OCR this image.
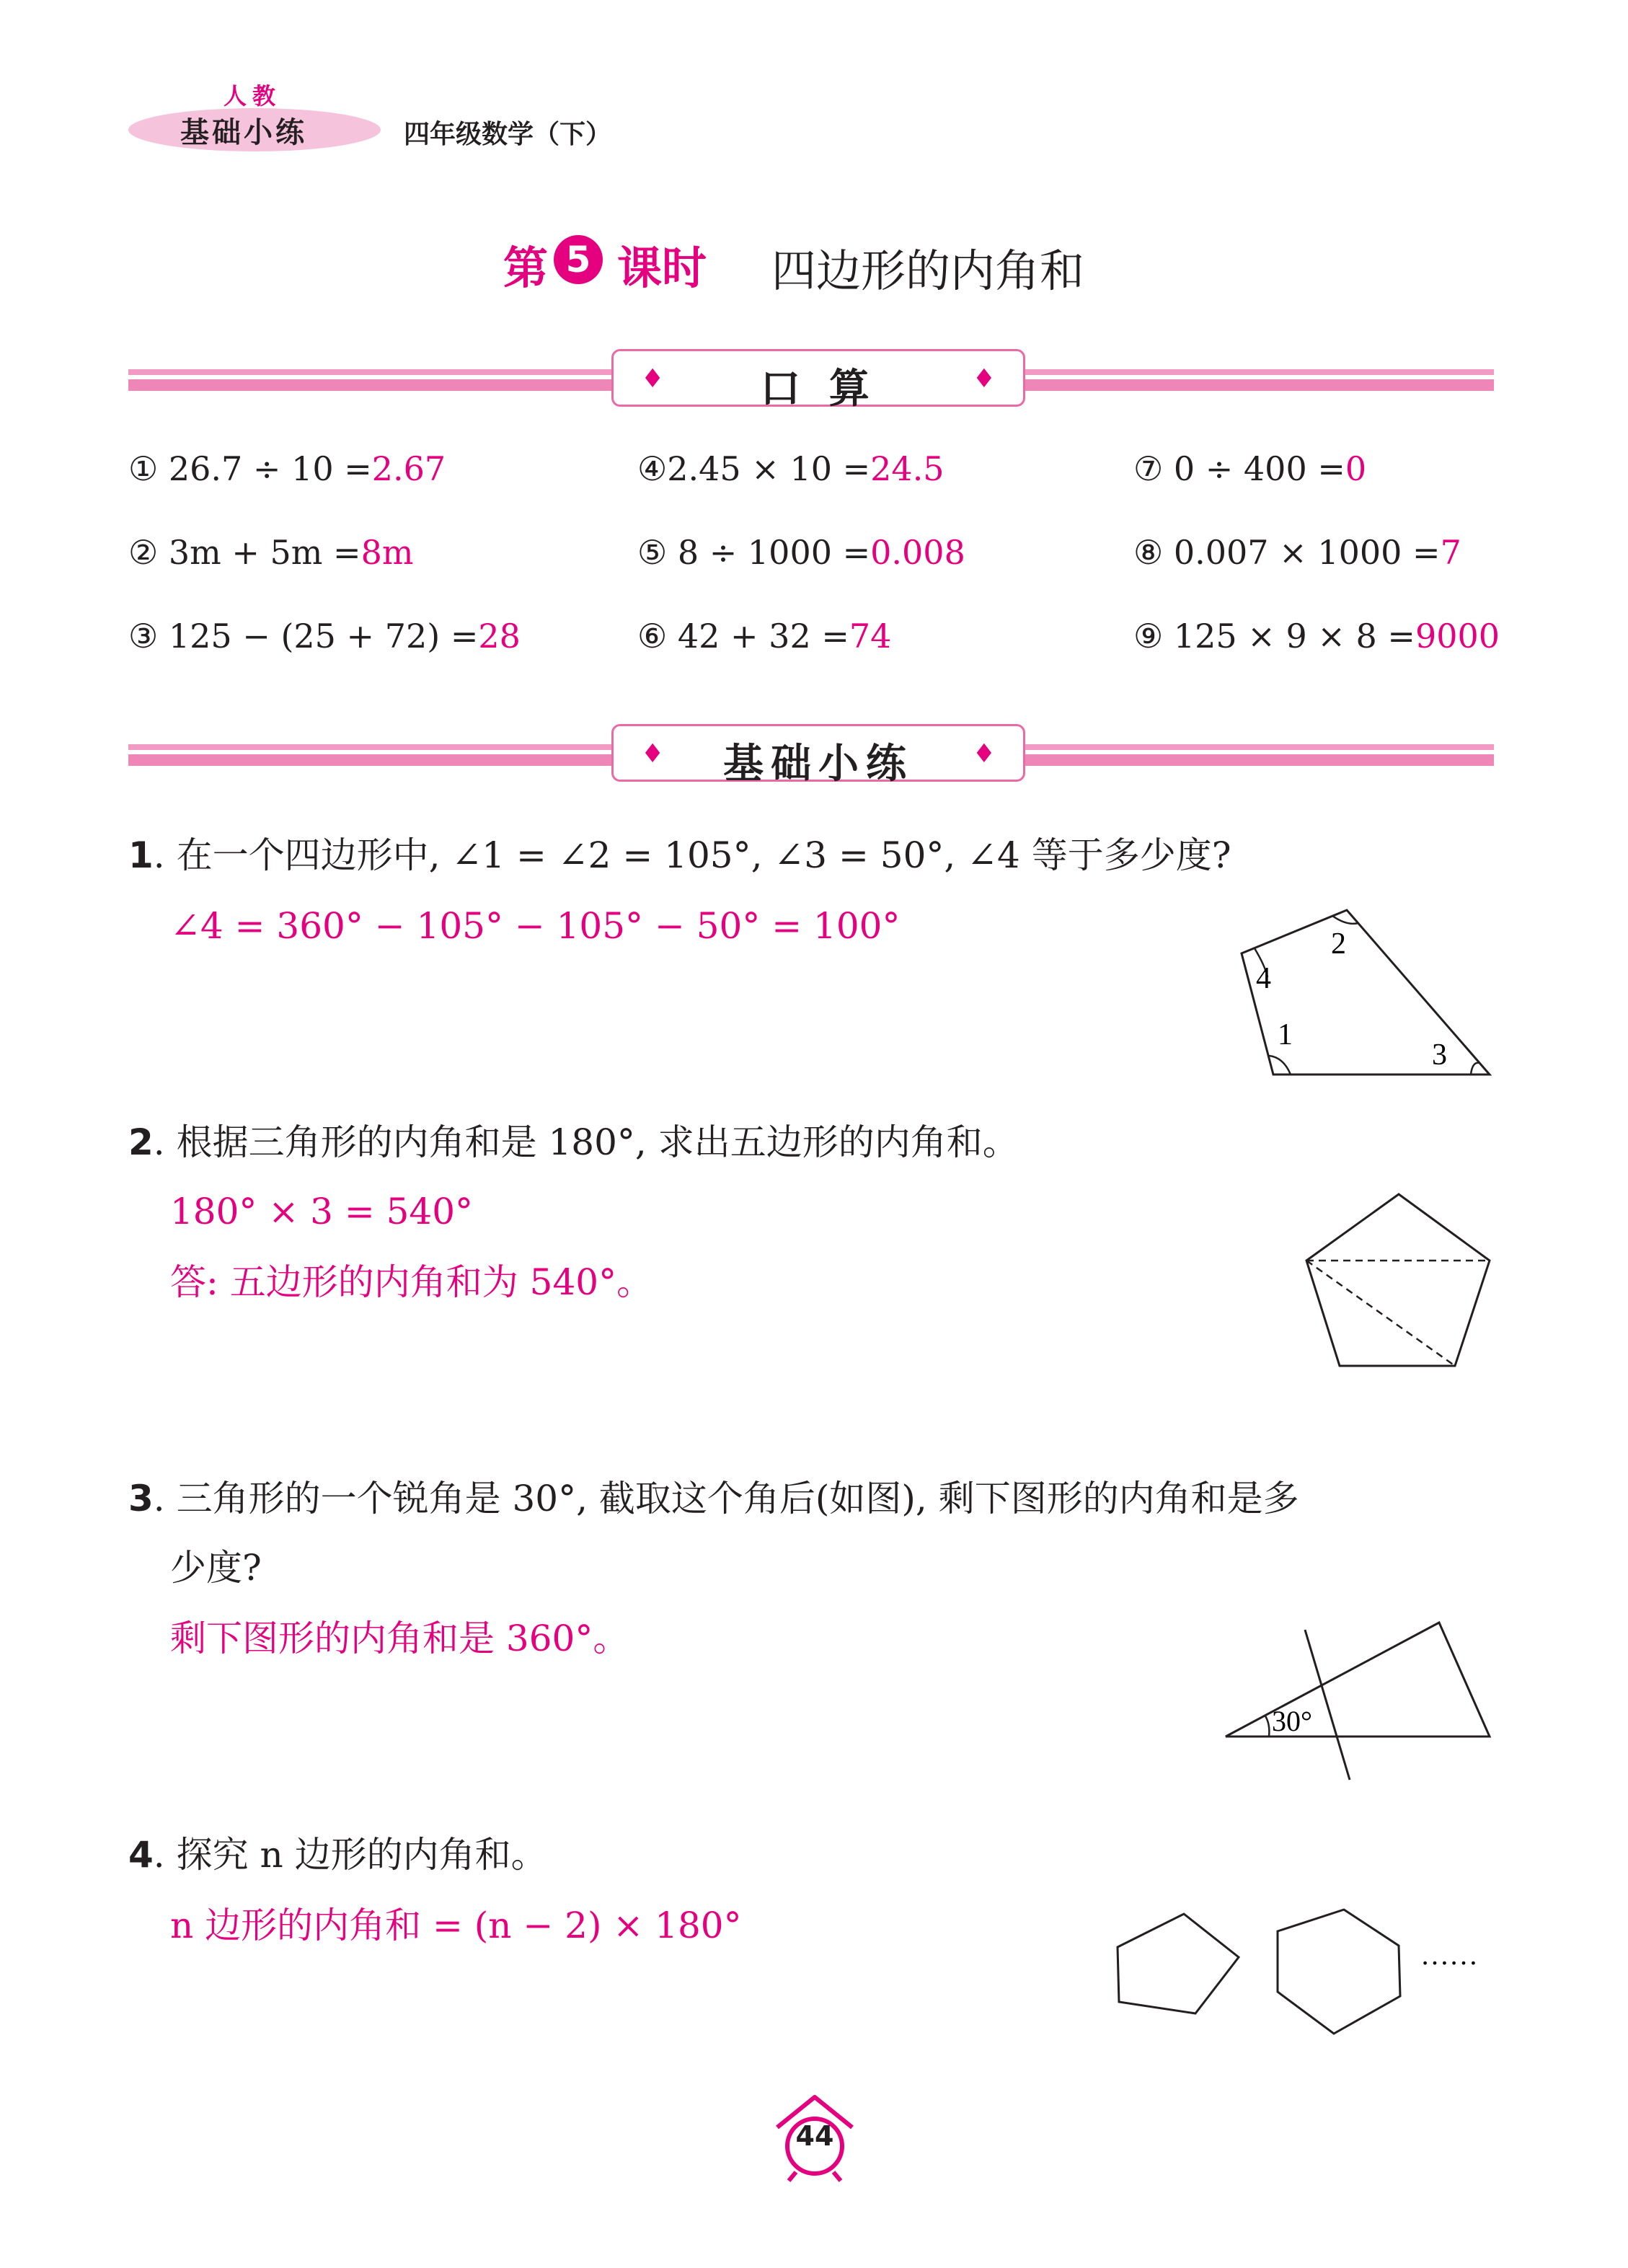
人教
基础小练	四年级数学（下）
第 5 课时 四边形的内角和
♦	口 算	♦
① 26.7 ÷ 10 =2.67	④2.45 × 10 =24.5	⑦ 0 ÷ 400 =0
② 3m + 5m =8m	⑤ 8 ÷ 1000 =0.008	⑧ 0.007 × 1000 =7
③ 125 − (25 + 72) =28	⑥ 42 + 32 =74	⑨ 125 × 9 × 8 =9000
♦	基础小练	♦
1. 在一个四边形中, ∠1 = ∠2 = 105°, ∠3 = 50°, ∠4 等于多少度?
∠4 = 360° − 105° − 105° − 50° = 100°	2
4
1
3
2. 根据三角形的内角和是 180°, 求出五边形的内角和。
180° × 3 = 540°
答: 五边形的内角和为 540°。
3. 三角形的一个锐角是 30°, 截取这个角后(如图), 剩下图形的内角和是多
少度?
剩下图形的内角和是 360°。
30°
4. 探究 n 边形的内角和。
n 边形的内角和 = (n − 2) × 180°
……
44
